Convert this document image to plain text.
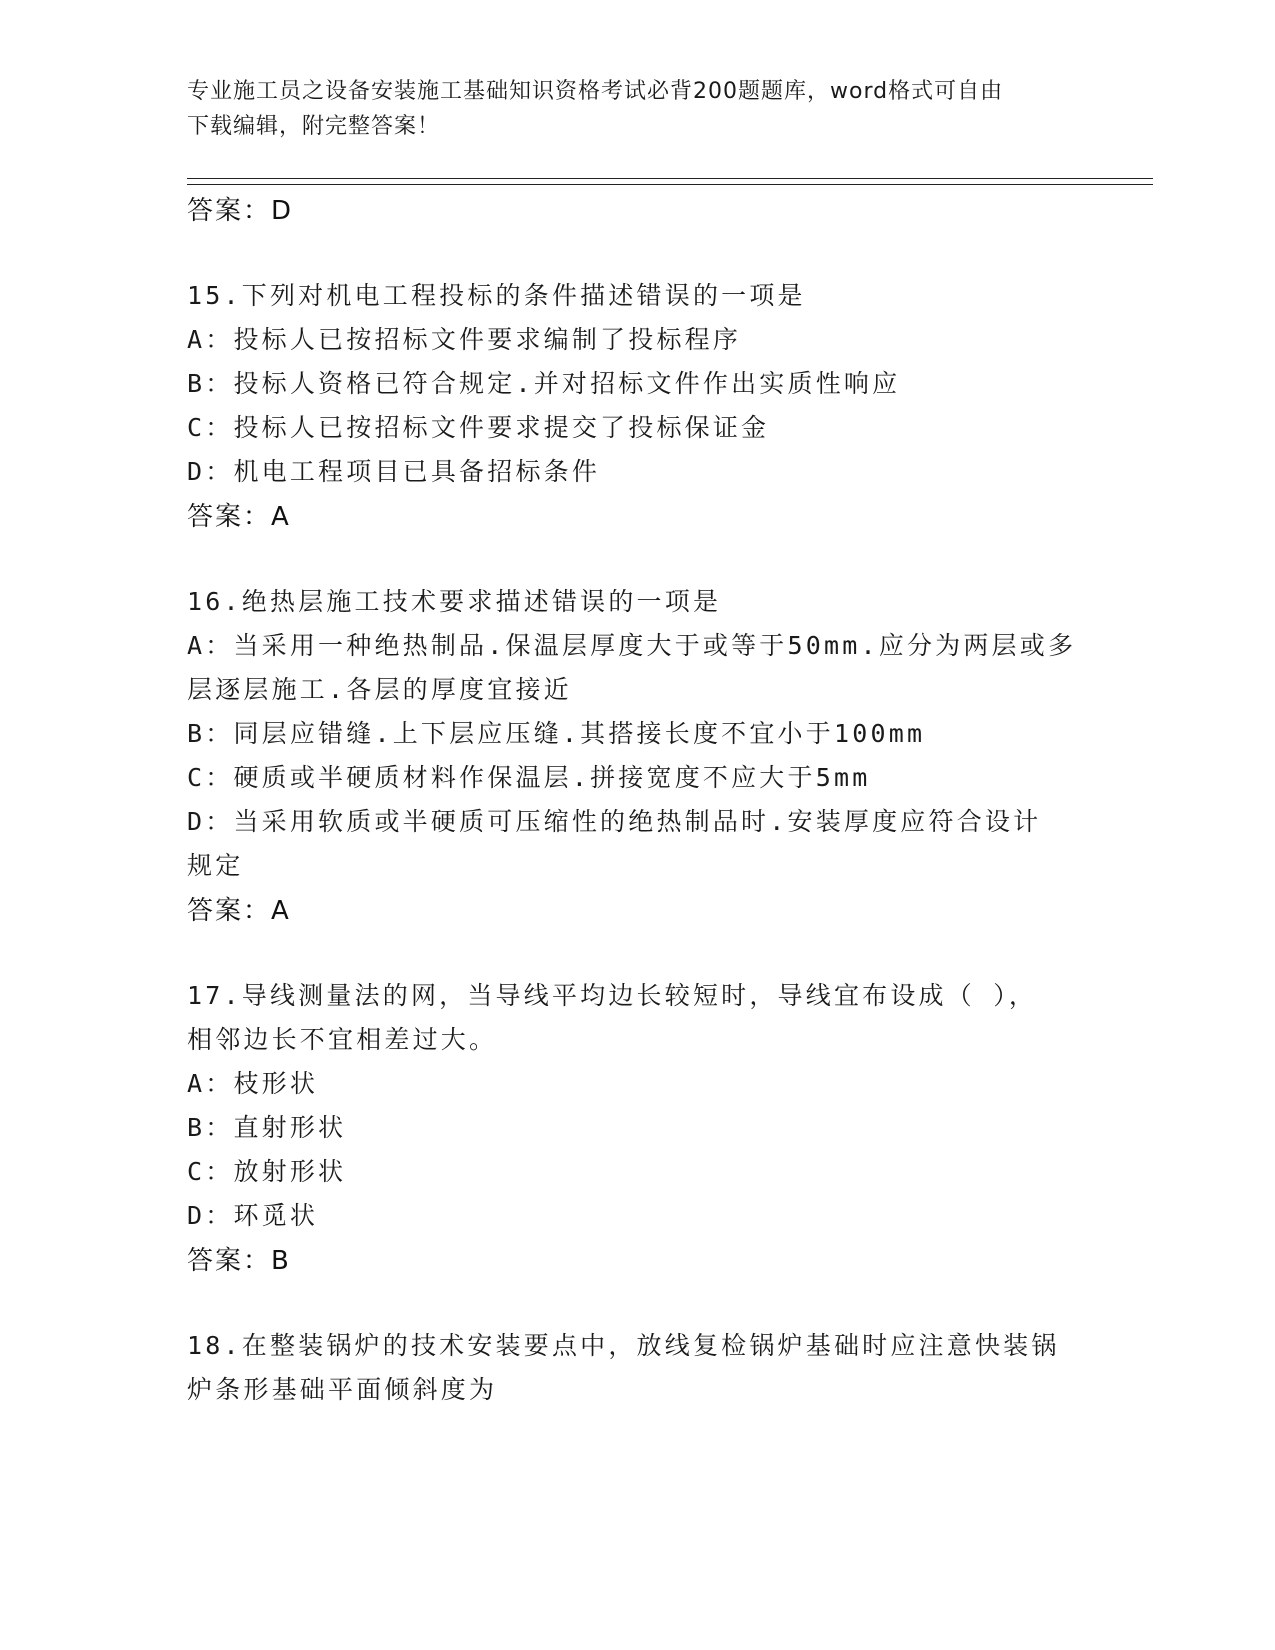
专业施工员之设备安装施工基础知识资格考试必背200题题库，word格式可自由
下载编辑，附完整答案！
答案：D
15.下列对机电工程投标的条件描述错误的一项是
A：投标人已按招标文件要求编制了投标程序
B：投标人资格已符合规定.并对招标文件作出实质性响应
C：投标人已按招标文件要求提交了投标保证金
D：机电工程项目已具备招标条件
答案：A
16.绝热层施工技术要求描述错误的一项是
A：当采用一种绝热制品.保温层厚度大于或等于50mm.应分为两层或多
层逐层施工.各层的厚度宜接近
B：同层应错缝.上下层应压缝.其搭接长度不宜小于100mm
C：硬质或半硬质材料作保温层.拼接宽度不应大于5mm
D：当采用软质或半硬质可压缩性的绝热制品时.安装厚度应符合设计
规定
答案：A
17.导线测量法的网，当导线平均边长较短时，导线宜布设成（ ），
相邻边长不宜相差过大。
A：枝形状
B：直射形状
C：放射形状
D：环觅状
答案：B
18.在整装锅炉的技术安装要点中，放线复检锅炉基础时应注意快装锅
炉条形基础平面倾斜度为
